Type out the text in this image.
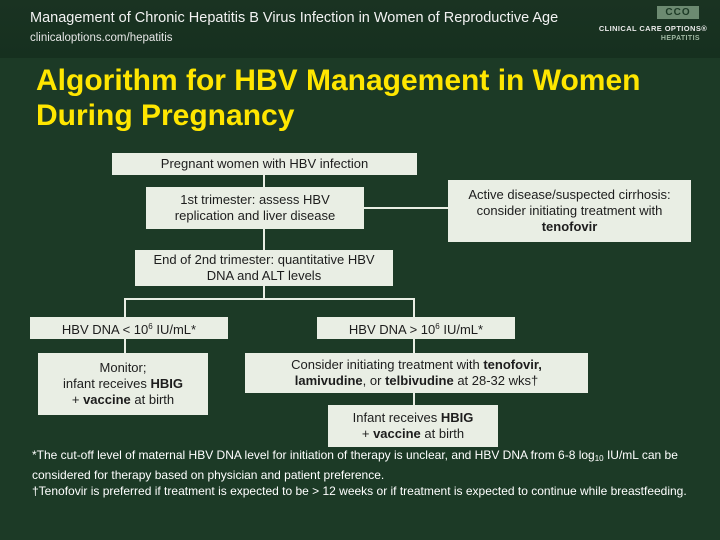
Management of Chronic Hepatitis B Virus Infection in Women of Reproductive Age
clinicaloptions.com/hepatitis
CCO
CLINICAL CARE OPTIONS®
HEPATITIS
Algorithm for HBV Management in Women During Pregnancy
Pregnant women with HBV infection
1st trimester: assess HBV replication and liver disease
Active disease/suspected cirrhosis: consider initiating treatment with tenofovir
End of 2nd trimester: quantitative HBV DNA and ALT levels
HBV DNA < $10^6$ IU/mL*	HBV DNA > $10^6$ IU/mL*
Monitor;
infant receives HBIG
+ vaccine at birth
Consider initiating treatment with tenofovir,
lamivudine, or telbivudine at 28-32 wks†
Infant receives HBIG
+ vaccine at birth

*The cut-off level of maternal HBV DNA level for initiation of therapy is unclear, and HBV DNA from 6-8 $\log_{10} IU/mL$ can be considered for therapy based on physician and patient preference.

†Tenofovir is preferred if treatment is expected to be > 12 weeks or if treatment is expected to continue while breastfeeding.
